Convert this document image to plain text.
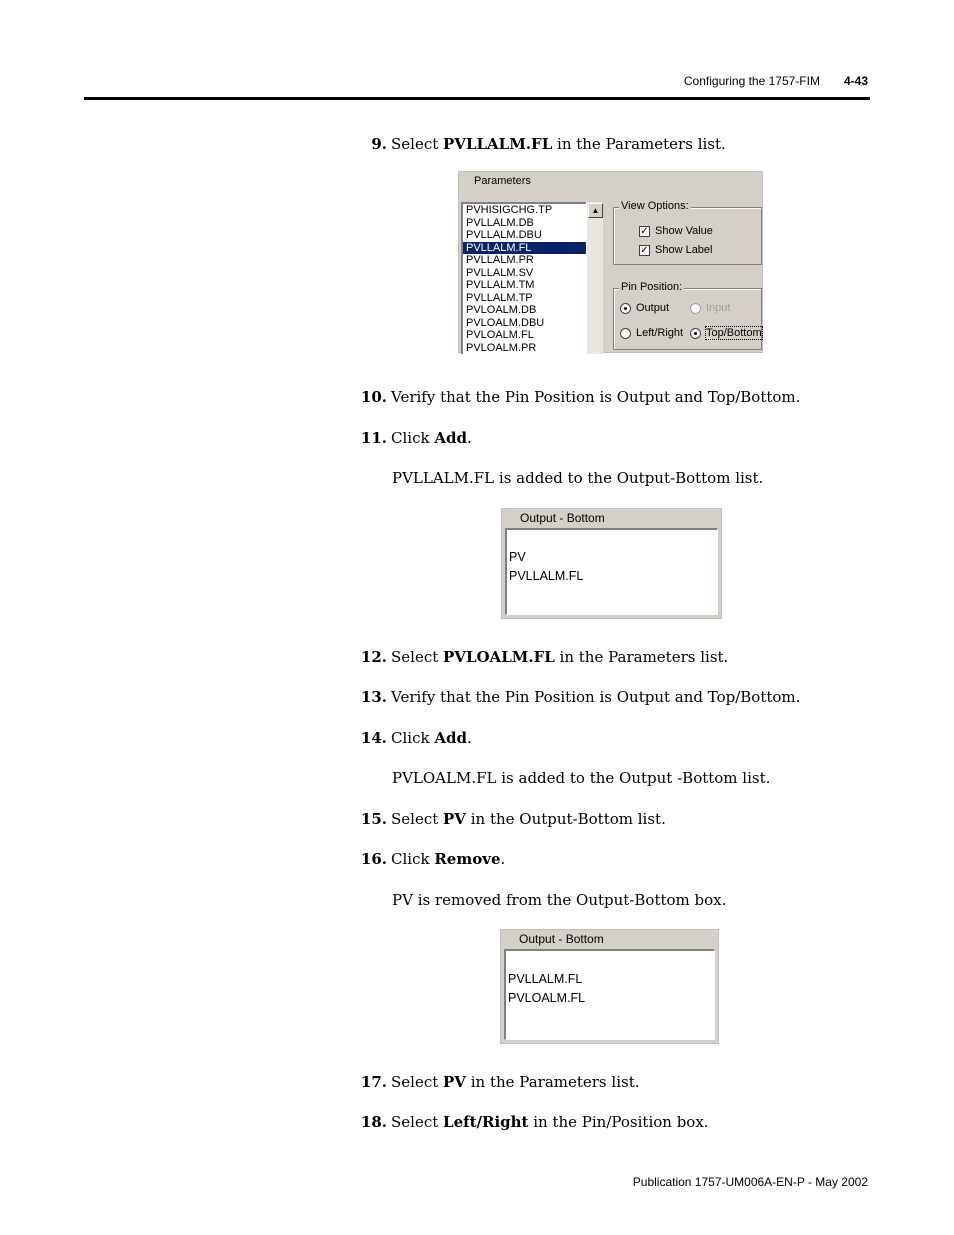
Configuring the 1757-FIM 4-43
9. Select PVLLALM.FL in the Parameters list.
Parameters
PVHISIGCHG.TP
PVLLALM.DB
PVLLALM.DBU
PVLLALM.FL
PVLLALM.PR
PVLLALM.SV
PVLLALM.TM
PVLLALM.TP
PVLOALM.DB
PVLOALM.DBU
PVLOALM.FL
PVLOALM.PR
▲	View Options:
✓ Show Value
✓ Show Label
Pin Position:
Output	Input
Left/Right Top/Bottom
10. Verify that the Pin Position is Output and Top/Bottom.
11. Click Add.
PVLLALM.FL is added to the Output-Bottom list.
Output - Bottom
PV
PVLLALM.FL
12. Select PVLOALM.FL in the Parameters list.
13. Verify that the Pin Position is Output and Top/Bottom.
14. Click Add.
PVLOALM.FL is added to the Output -Bottom list.
15. Select PV in the Output-Bottom list.
16. Click Remove.
PV is removed from the Output-Bottom box.
Output - Bottom
PVLLALM.FL
PVLOALM.FL
17. Select PV in the Parameters list.
18. Select Left/Right in the Pin/Position box.
Publication 1757-UM006A-EN-P - May 2002
